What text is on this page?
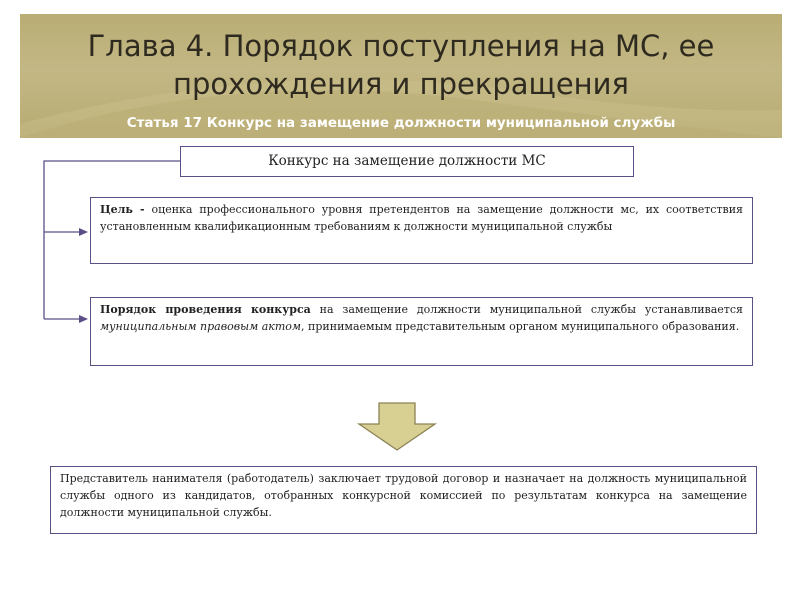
Глава 4. Порядок поступления на МС, ее
прохождения и прекращения
Статья 17 Конкурс на замещение должности муниципальной службы
Конкурс на замещение должности МС
Цель - оценка профессионального уровня претендентов на замещение должности мс, их соответствия установленным квалификационным требованиям к должности муниципальной службы
Порядок проведения конкурса на замещение должности муниципальной службы устанавливается муниципальным правовым актом, принимаемым представительным органом муниципального образования.
Представитель нанимателя (работодатель) заключает трудовой договор и назначает на должность муниципальной службы одного из кандидатов, отобранных конкурсной комиссией по результатам конкурса на замещение должности муниципальной службы.
